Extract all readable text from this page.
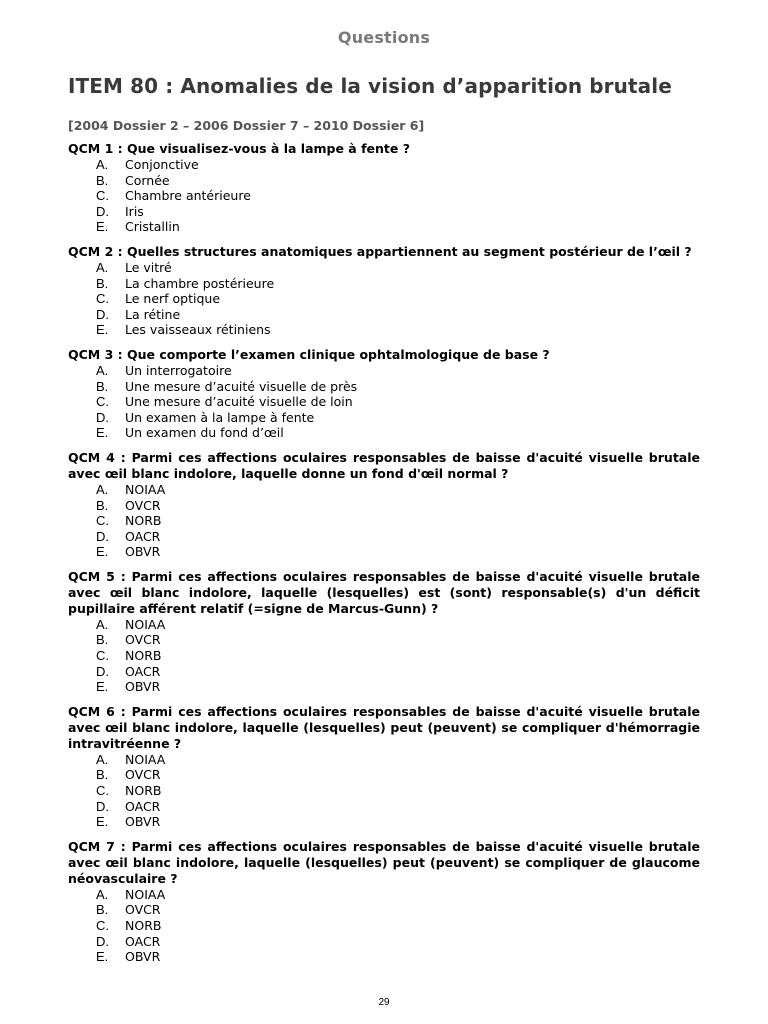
Questions
ITEM 80 : Anomalies de la vision d’apparition brutale
[2004 Dossier 2 – 2006 Dossier 7 – 2010 Dossier 6]

QCM 1 : Que visualisez-vous à la lampe à fente ?

A.	Conjonctive
B.	Cornée
C.	Chambre antérieure
D.	Iris
E.	Cristallin

QCM 2 : Quelles structures anatomiques appartiennent au segment postérieur de l’œil ?

A.	Le vitré
B.	La chambre postérieure
C.	Le nerf optique
D.	La rétine
E.	Les vaisseaux rétiniens

QCM 3 : Que comporte l’examen clinique ophtalmologique de base ?

A.	Un interrogatoire
B.	Une mesure d’acuité visuelle de près
C.	Une mesure d’acuité visuelle de loin
D.	Un examen à la lampe à fente
E.	Un examen du fond d’œil

QCM 4 : Parmi ces affections oculaires responsables de baisse d'acuité visuelle brutale avec œil blanc indolore, laquelle donne un fond d'œil normal ?

A.	NOIAA
B.	OVCR
C.	NORB
D.	OACR
E.	OBVR

QCM 5 : Parmi ces affections oculaires responsables de baisse d'acuité visuelle brutale avec œil blanc indolore, laquelle (lesquelles) est (sont) responsable(s) d'un déficit pupillaire afférent relatif (=signe de Marcus-Gunn) ?

A.	NOIAA
B.	OVCR
C.	NORB
D.	OACR
E.	OBVR

QCM 6 : Parmi ces affections oculaires responsables de baisse d'acuité visuelle brutale avec œil blanc indolore, laquelle (lesquelles) peut (peuvent) se compliquer d'hémorragie intravitréenne ?

A.	NOIAA
B.	OVCR
C.	NORB
D.	OACR
E.	OBVR

QCM 7 : Parmi ces affections oculaires responsables de baisse d'acuité visuelle brutale avec œil blanc indolore, laquelle (lesquelles) peut (peuvent) se compliquer de glaucome néovasculaire ?

A.	NOIAA
B.	OVCR
C.	NORB
D.	OACR
E.	OBVR
29
